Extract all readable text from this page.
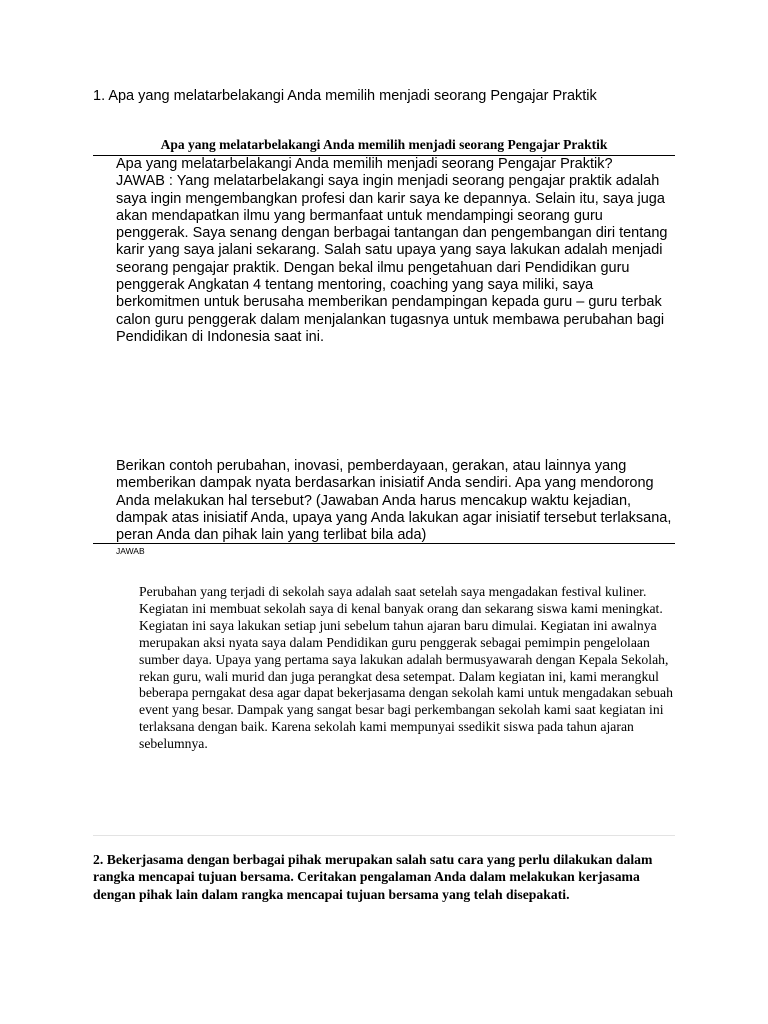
1. Apa yang melatarbelakangi Anda memilih menjadi seorang Pengajar Praktik
Apa yang melatarbelakangi Anda memilih menjadi seorang Pengajar Praktik

Apa yang melatarbelakangi Anda memilih menjadi seorang Pengajar Praktik?

JAWAB : Yang melatarbelakangi saya ingin menjadi seorang pengajar praktik adalah saya ingin mengembangkan profesi dan karir saya ke depannya. Selain itu, saya juga akan mendapatkan ilmu yang bermanfaat untuk mendampingi seorang guru penggerak. Saya senang dengan berbagai tantangan dan pengembangan diri tentang karir yang saya jalani sekarang. Salah satu upaya yang saya lakukan adalah menjadi seorang pengajar praktik. Dengan bekal ilmu pengetahuan dari Pendidikan guru penggerak Angkatan 4 tentang mentoring, coaching yang saya miliki, saya berkomitmen untuk berusaha memberikan pendampingan kepada guru – guru terbak calon guru penggerak dalam menjalankan tugasnya untuk membawa perubahan bagi Pendidikan di Indonesia saat ini.

Berikan contoh perubahan, inovasi, pemberdayaan, gerakan, atau lainnya yang memberikan dampak nyata berdasarkan inisiatif Anda sendiri. Apa yang mendorong Anda melakukan hal tersebut? (Jawaban Anda harus mencakup waktu kejadian, dampak atas inisiatif Anda, upaya yang Anda lakukan agar inisiatif tersebut terlaksana, peran Anda dan pihak lain yang terlibat bila ada)

JAWAB
Perubahan yang terjadi di sekolah saya adalah saat setelah saya mengadakan festival kuliner. Kegiatan ini membuat sekolah saya di kenal banyak orang dan sekarang siswa kami meningkat. Kegiatan ini saya lakukan setiap juni sebelum tahun ajaran baru dimulai. Kegiatan ini awalnya merupakan aksi nyata saya dalam Pendidikan guru penggerak sebagai pemimpin pengelolaan sumber daya. Upaya yang pertama saya lakukan adalah bermusyawarah dengan Kepala Sekolah, rekan guru, wali murid dan juga perangkat desa setempat. Dalam kegiatan ini, kami merangkul beberapa perngakat desa agar dapat bekerjasama dengan sekolah kami untuk mengadakan sebuah event yang besar. Dampak yang sangat besar bagi perkembangan sekolah kami saat kegiatan ini terlaksana dengan baik. Karena sekolah kami mempunyai ssedikit siswa pada tahun ajaran sebelumnya.
2. Bekerjasama dengan berbagai pihak merupakan salah satu cara yang perlu dilakukan dalam rangka mencapai tujuan bersama. Ceritakan pengalaman Anda dalam melakukan kerjasama dengan pihak lain dalam rangka mencapai tujuan bersama yang telah disepakati.
